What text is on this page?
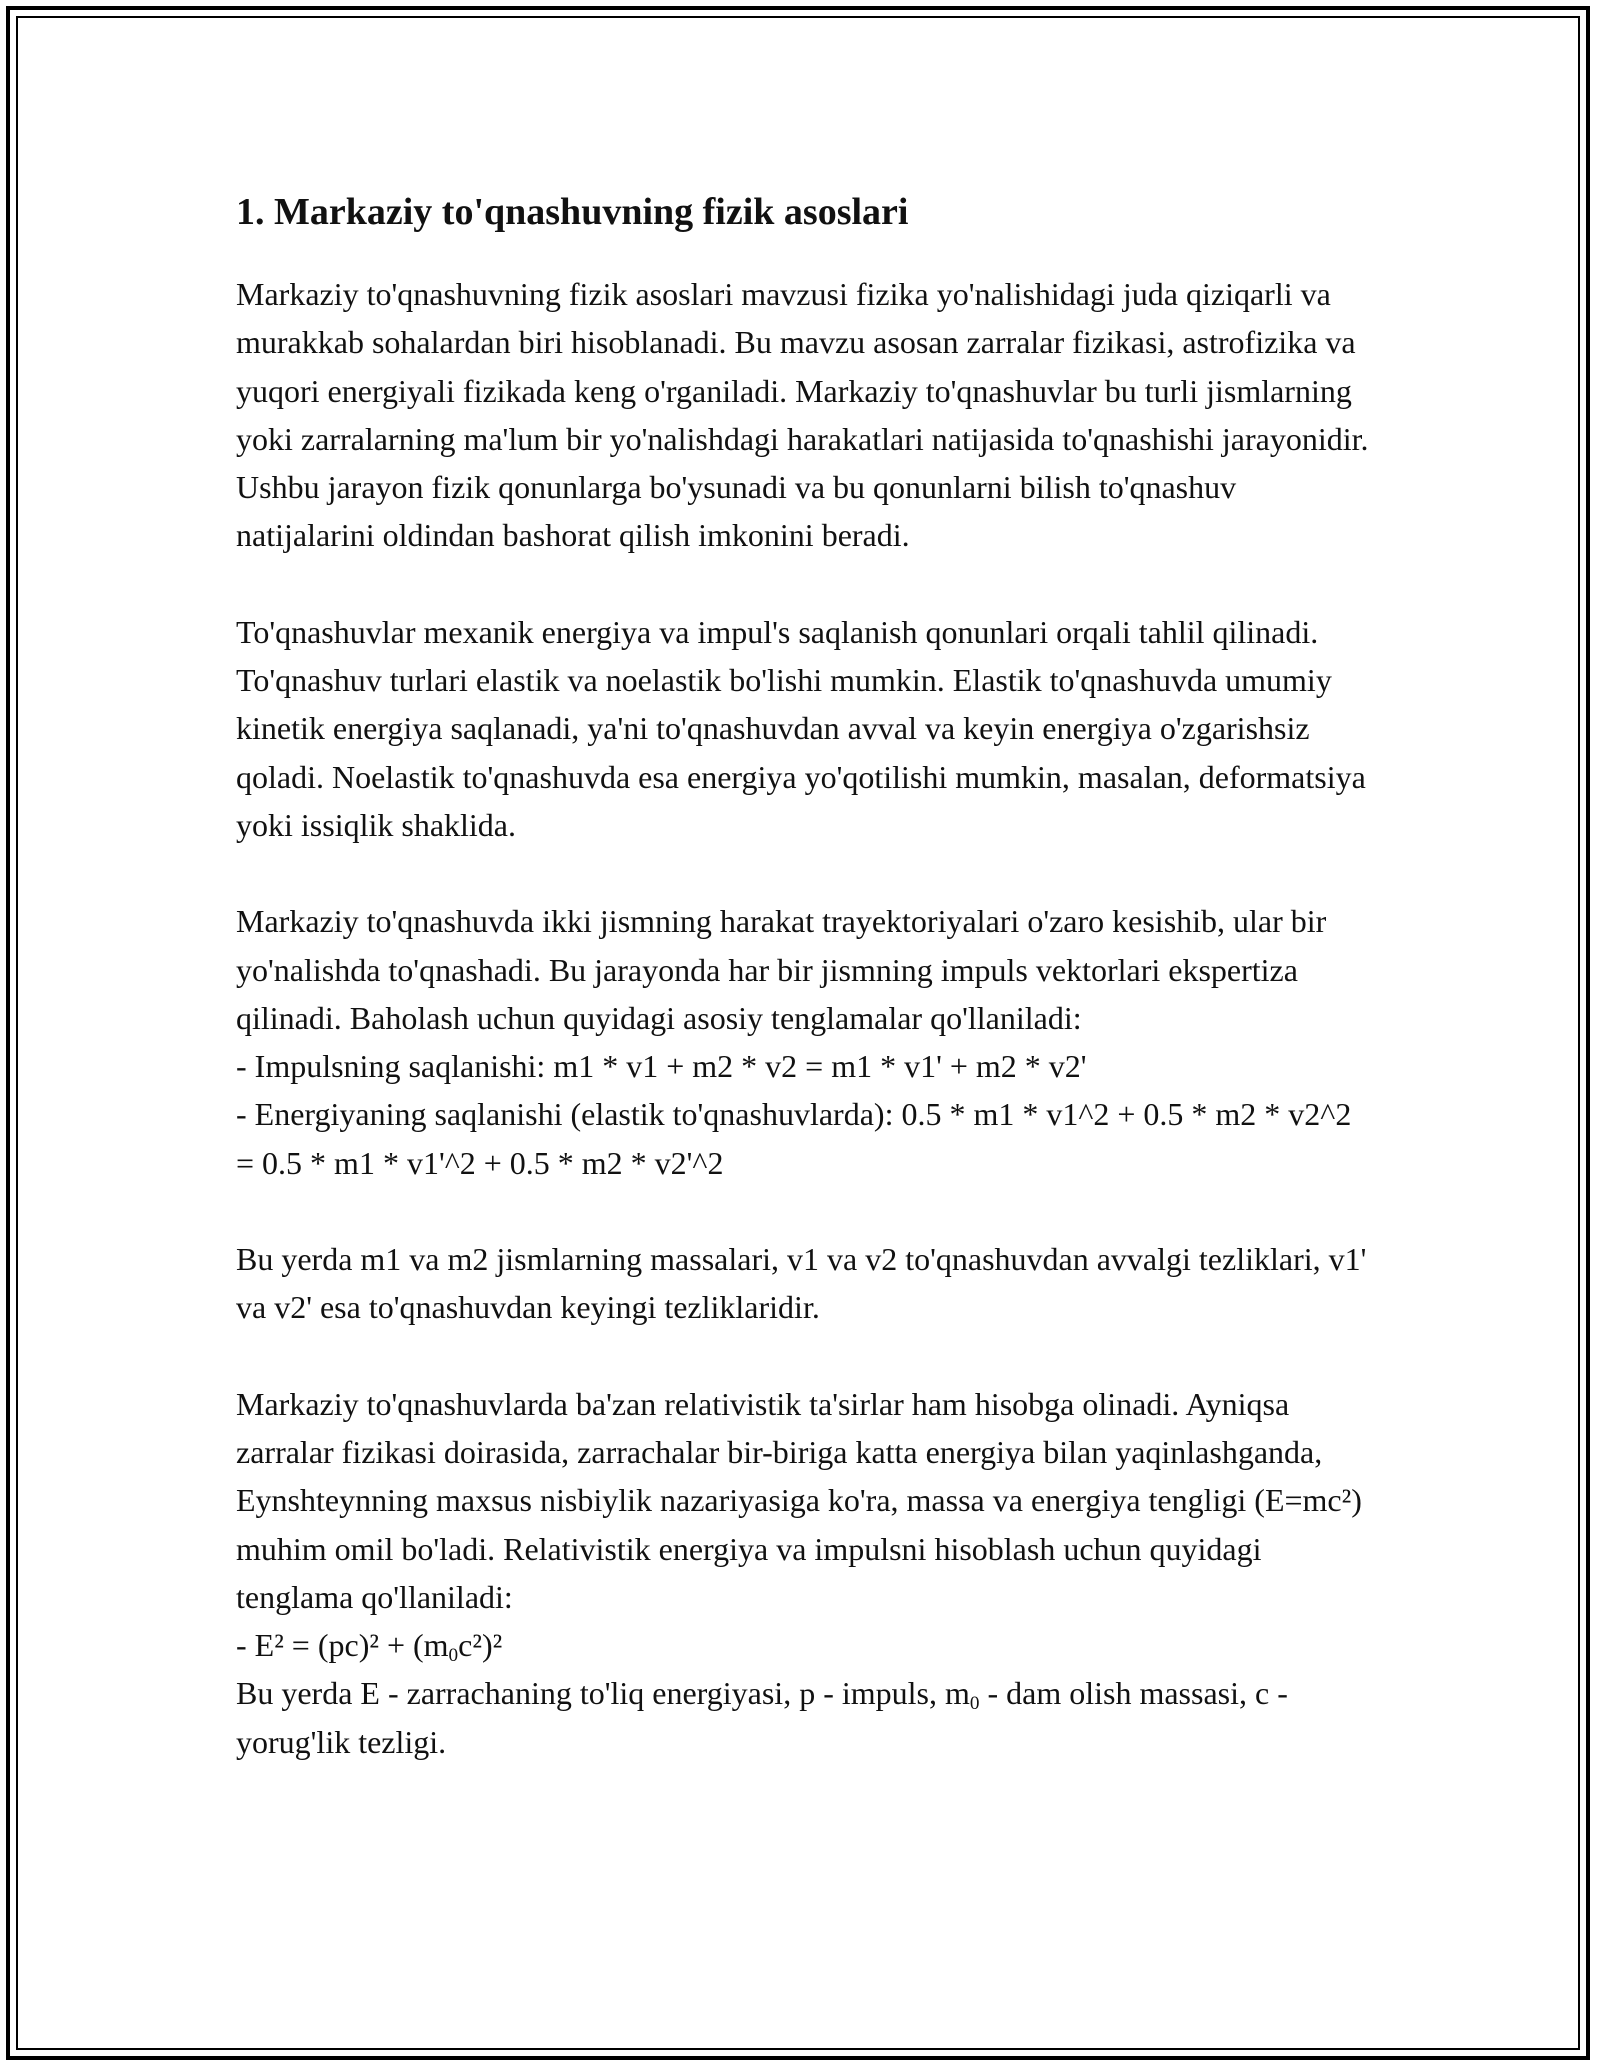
1. Markaziy to'qnashuvning fizik asoslari

Markaziy to'qnashuvning fizik asoslari mavzusi fizika yo'nalishidagi juda qiziqarli va murakkab sohalardan biri hisoblanadi. Bu mavzu asosan zarralar fizikasi, astrofizika va yuqori energiyali fizikada keng o'rganiladi. Markaziy to'qnashuvlar bu turli jismlarning yoki zarralarning ma'lum bir yo'nalishdagi harakatlari natijasida to'qnashishi jarayonidir. Ushbu jarayon fizik qonunlarga bo'ysunadi va bu qonunlarni bilish to'qnashuv natijalarini oldindan bashorat qilish imkonini beradi.

To'qnashuvlar mexanik energiya va impul's saqlanish qonunlari orqali tahlil qilinadi. To'qnashuv turlari elastik va noelastik bo'lishi mumkin. Elastik to'qnashuvda umumiy kinetik energiya saqlanadi, ya'ni to'qnashuvdan avval va keyin energiya o'zgarishsiz qoladi. Noelastik to'qnashuvda esa energiya yo'qotilishi mumkin, masalan, deformatsiya yoki issiqlik shaklida.

Markaziy to'qnashuvda ikki jismning harakat trayektoriyalari o'zaro kesishib, ular bir yo'nalishda to'qnashadi. Bu jarayonda har bir jismning impuls vektorlari ekspertiza qilinadi. Baholash uchun quyidagi asosiy tenglamalar qo'llaniladi:
- Impulsning saqlanishi: m1 * v1 + m2 * v2 = m1 * v1' + m2 * v2'
- Energiyaning saqlanishi (elastik to'qnashuvlarda): 0.5 * m1 * v1^2 + 0.5 * m2 * v2^2 = 0.5 * m1 * v1'^2 + 0.5 * m2 * v2'^2

Bu yerda m1 va m2 jismlarning massalari, v1 va v2 to'qnashuvdan avvalgi tezliklari, v1' va v2' esa to'qnashuvdan keyingi tezliklaridir.

Markaziy to'qnashuvlarda ba'zan relativistik ta'sirlar ham hisobga olinadi. Ayniqsa zarralar fizikasi doirasida, zarrachalar bir-biriga katta energiya bilan yaqinlashganda, Eynshteynning maxsus nisbiylik nazariyasiga ko'ra, massa va energiya tengligi (E=mc²) muhim omil bo'ladi. Relativistik energiya va impulsni hisoblash uchun quyidagi tenglama qo'llaniladi:
- $E^2 = (pc)^2 + (m_0c^2)^2$
Bu yerda E - zarrachaning to'liq energiyasi, p - impuls, $m_0$ - dam olish massasi, c - yorug'lik tezligi.
